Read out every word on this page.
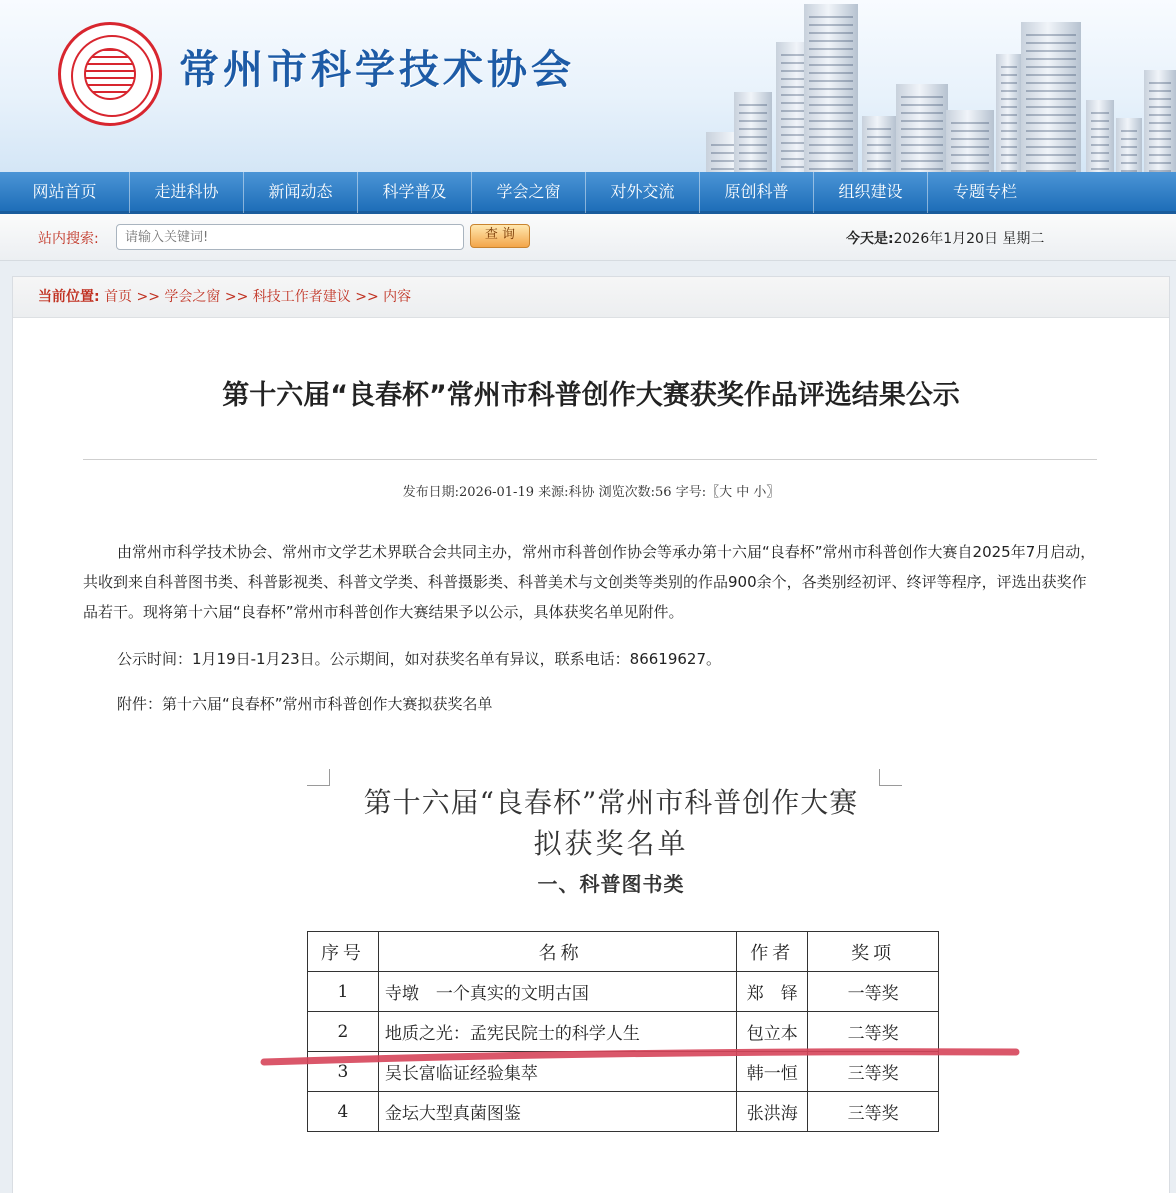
常州市科学技术协会
网站首页	走进科协	新闻动态	科学普及	学会之窗	对外交流	原创科普	组织建设	专题专栏
站内搜索:
请输入关键词!	查 询	今天是:2026年1月20日 星期二
当前位置: 首页 >> 学会之窗 >> 科技工作者建议 >> 内容
第十六届“良春杯”常州市科普创作大赛获奖作品评选结果公示
发布日期:2026-01-19 来源:科协 浏览次数:56 字号:〖大 中 小〗
由常州市科学技术协会、常州市文学艺术界联合会共同主办，常州市科普创作协会等承办第十六届“良春杯”常州市科普创作大赛自2025年7月启动，共收到来自科普图书类、科普影视类、科普文学类、科普摄影类、科普美术与文创类等类别的作品900余个，各类别经初评、终评等程序，评选出获奖作品若干。现将第十六届“良春杯”常州市科普创作大赛结果予以公示，具体获奖名单见附件。
公示时间：1月19日-1月23日。公示期间，如对获奖名单有异议，联系电话：86619627。
附件：第十六届“良春杯”常州市科普创作大赛拟获奖名单
第十六届“良春杯”常州市科普创作大赛
拟获奖名单
一、科普图书类
序号	名称	作者	奖项
1	寺墩　一个真实的文明古国	郑　铎	一等奖
2	地质之光：孟宪民院士的科学人生	包立本	二等奖
3	吴长富临证经验集萃	韩一恒	三等奖
4	金坛大型真菌图鉴	张洪海	三等奖
